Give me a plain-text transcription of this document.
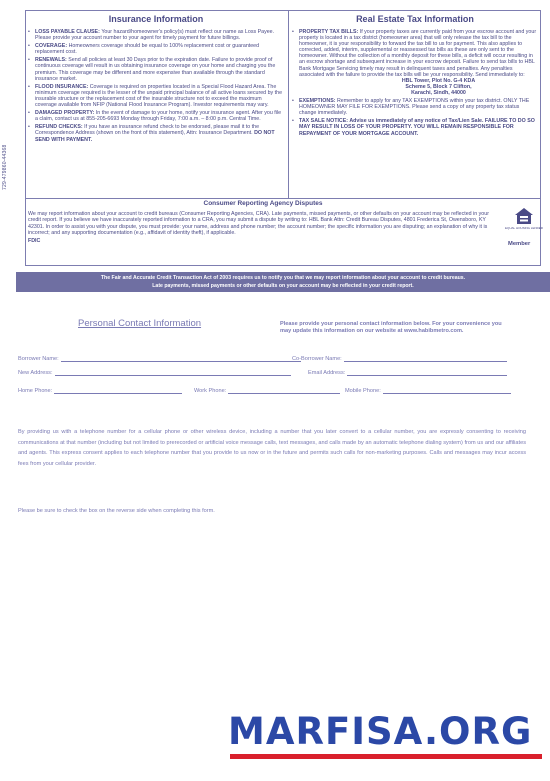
729-479860-44368
Insurance Information
• LOSS PAYABLE CLAUSE: Your hazard/homeowner's policy(s) must reflect our name as Loss Payee. Please provide your account number to your agent for timely payment for future billings.
• COVERAGE: Homeowners coverage should be equal to 100% replacement cost or guaranteed replacement cost.
• RENEWALS: Send all policies at least 30 Days prior to the expiration date. Failure to provide proof of continuous coverage will result in us obtaining insurance coverage on your home and charging you the premium. This coverage may be different and more expensive than available through the standard insurance market.
• FLOOD INSURANCE: Coverage is required on properties located in a Special Flood Hazard Area. The minimum coverage required is the lesser of the unpaid principal balance of all active loans secured by the insurable structure or the replacement cost of the insurable structure not to exceed the maximum coverage available from NFIP (National Flood Insurance Program). Investor requirements may vary.
• DAMAGED PROPERTY: In the event of damage to your home, notify your insurance agent. After you file a claim, contact us at 855-205-6693 Monday through Friday, 7:00 a.m. – 8:00 p.m. Central Time.
• REFUND CHECKS: If you have an insurance refund check to be endorsed, please mail it to the Correspondence Address (shown on the front of this statement), Attn: Insurance Department. DO NOT SEND WITH PAYMENT.
Real Estate Tax Information
• PROPERTY TAX BILLS: If your property taxes are currently paid from your escrow account and your property is located in a tax district (homeowner area) that will only release the tax bill to the homeowner, it is your responsibility to forward the tax bill to us for payment. This also applies to corrected, added, interim, supplemental or reassessed tax bills as these are only sent to the homeowner. Without the collection of a monthly deposit for these bills, a deficit will occur resulting in an escrow shortage and subsequent increase in your escrow deposit. Failure to send tax bills to HBL Bank Mortgage Servicing timely may result in delinquent taxes and penalties. Any penalties associated with the failure to provide the tax bills will be your responsibility. Send immediately to:
HBL Tower, Plot No. G-4 KDA
Scheme 5, Block 7 Clifton,
Karachi, Sindh, 44000
• EXEMPTIONS: Remember to apply for any TAX EXEMPTIONS within your tax district. ONLY THE HOMEOWNER MAY FILE FOR EXEMPTIONS. Please send a copy of any property tax status change immediately.
• TAX SALE NOTICE: Advise us immediately of any notice of Tax/Lien Sale. FAILURE TO DO SO MAY RESULT IN LOSS OF YOUR PROPERTY. YOU WILL REMAIN RESPONSIBLE FOR REPAYMENT OF YOUR MORTGAGE ACCOUNT.
Consumer Reporting Agency Disputes
We may report information about your account to credit bureaus (Consumer Reporting Agencies, CRA). Late payments, missed payments, or other defaults on your account may be reflected in your credit report. If you believe we have inaccurately reported information to a CRA, you may submit a dispute by writing to: HBL Bank Attn: Credit Bureau Disputes, 4801 Frederica St, Owensboro, KY 42301. In order to assist you with your dispute, you must provide: your name, address and phone number; the account number; the specific information you are disputing; an explanation of why it is incorrect; and any supporting documentation (e.g., affidavit of identity theft), if applicable.
FDIC
EQUAL HOUSING LENDER
Member
The Fair and Accurate Credit Transaction Act of 2003 requires us to notify you that we may report information about your account to credit bureaus.
Late payments, missed payments or other defaults on your account may be reflected in your credit report.
Personal Contact Information	Please provide your personal contact information below. For your convenience you may update this information on our website at www.habibmetro.com.
Borrower Name:	Co-Borrower Name:
New Address:	Email Address:
Home Phone:	Work Phone:	Mobile Phone:
By providing us with a telephone number for a cellular phone or other wireless device, including a number that you later convert to a cellular number, you are expressly consenting to receiving communications at that number (including but not limited to prerecorded or artificial voice message calls, text messages, and calls made by an automatic telephone dialing system) from us and our affiliates and agents. This express consent applies to each telephone number that you provide to us now or in the future and permits such calls for non-marketing purposes. Calls and messages may incur access fees from your cellular provider.
Please be sure to check the box on the reverse side when completing this form.
MARFISA.ORG
